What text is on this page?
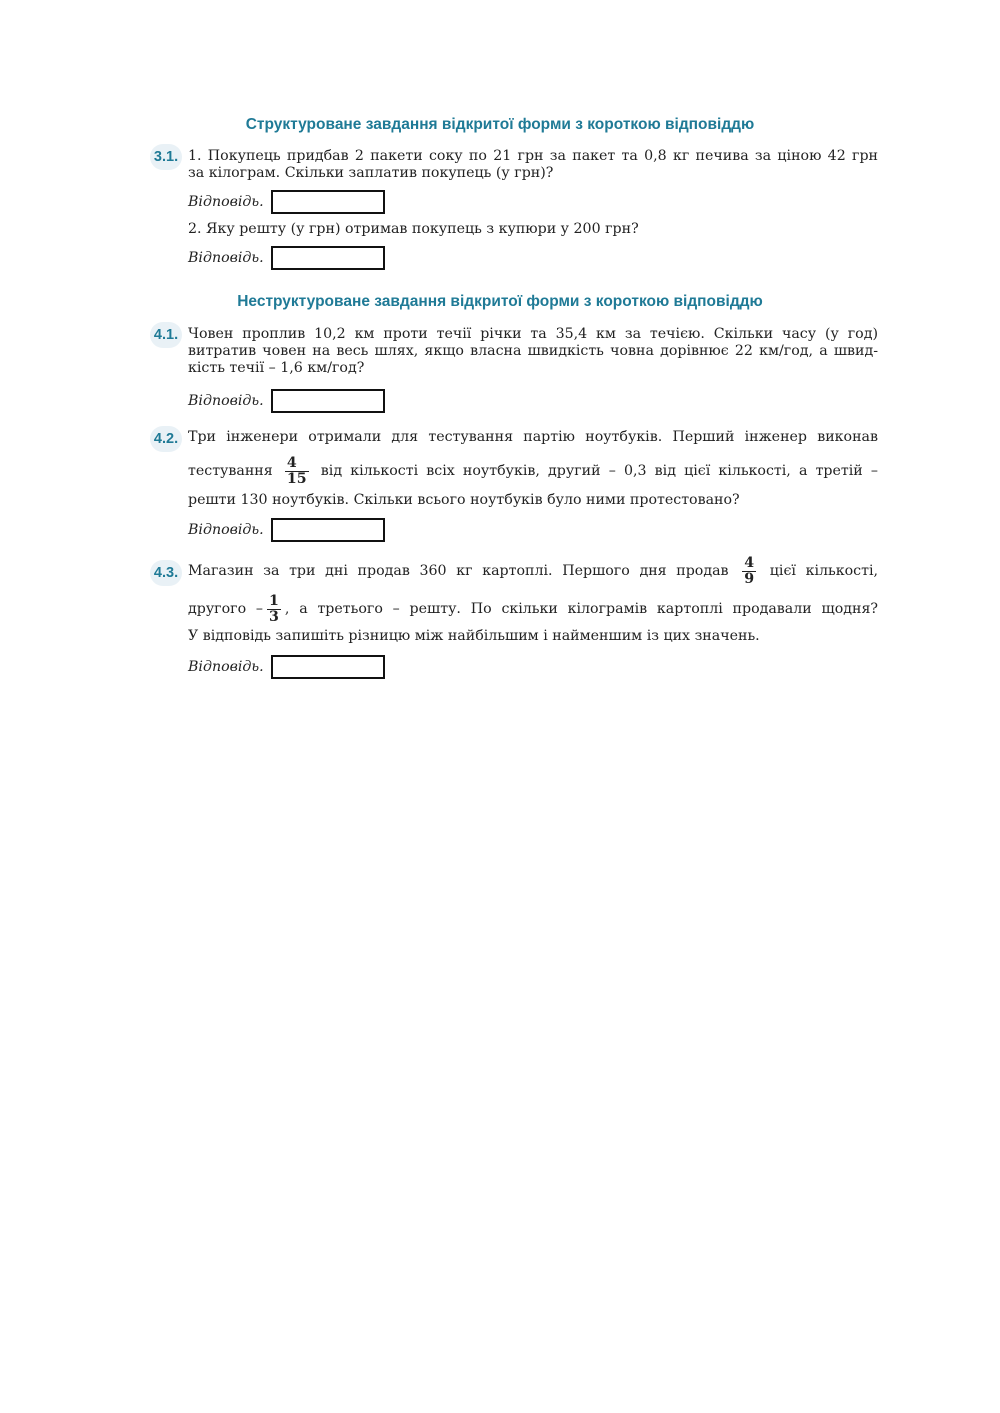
Структуроване завдання відкритої форми з короткою відповіддю
3.1. 1. Покупець придбав 2 пакети соку по 21 грн за пакет та 0,8 кг печива за ціною 42 грн
за кілограм. Скільки заплатив покупець (у грн)?
Відповідь.
2. Яку решту (у грн) отримав покупець з купюри у 200 грн?
Відповідь.
Неструктуроване завдання відкритої форми з короткою відповіддю
4.1. Човен проплив 10,2 км проти течії річки та 35,4 км за течією. Скільки часу (у год)
витратив човен на весь шлях, якщо власна швидкість човна дорівнює 22 км/год, а швид-
кість течії – 1,6 км/год?
Відповідь.
4.2. Три інженери отримали для тестування партію ноутбуків. Перший інженер виконав
тестування $\frac{4}{15}$ від кількості всіх ноутбуків, другий – 0,3 від цієї кількості, а третій –
решти 130 ноутбуків. Скільки всього ноутбуків було ними протестовано?
Відповідь.
4.3. Магазин за три дні продав 360 кг картоплі. Першого дня продав $\frac{4}{9}$ цієї кількості,
другого – $\frac{1}{3}$ , а третього – решту. По скільки кілограмів картоплі продавали щодня?
У відповідь запишіть різницю між найбільшим і найменшим із цих значень.
Відповідь.
